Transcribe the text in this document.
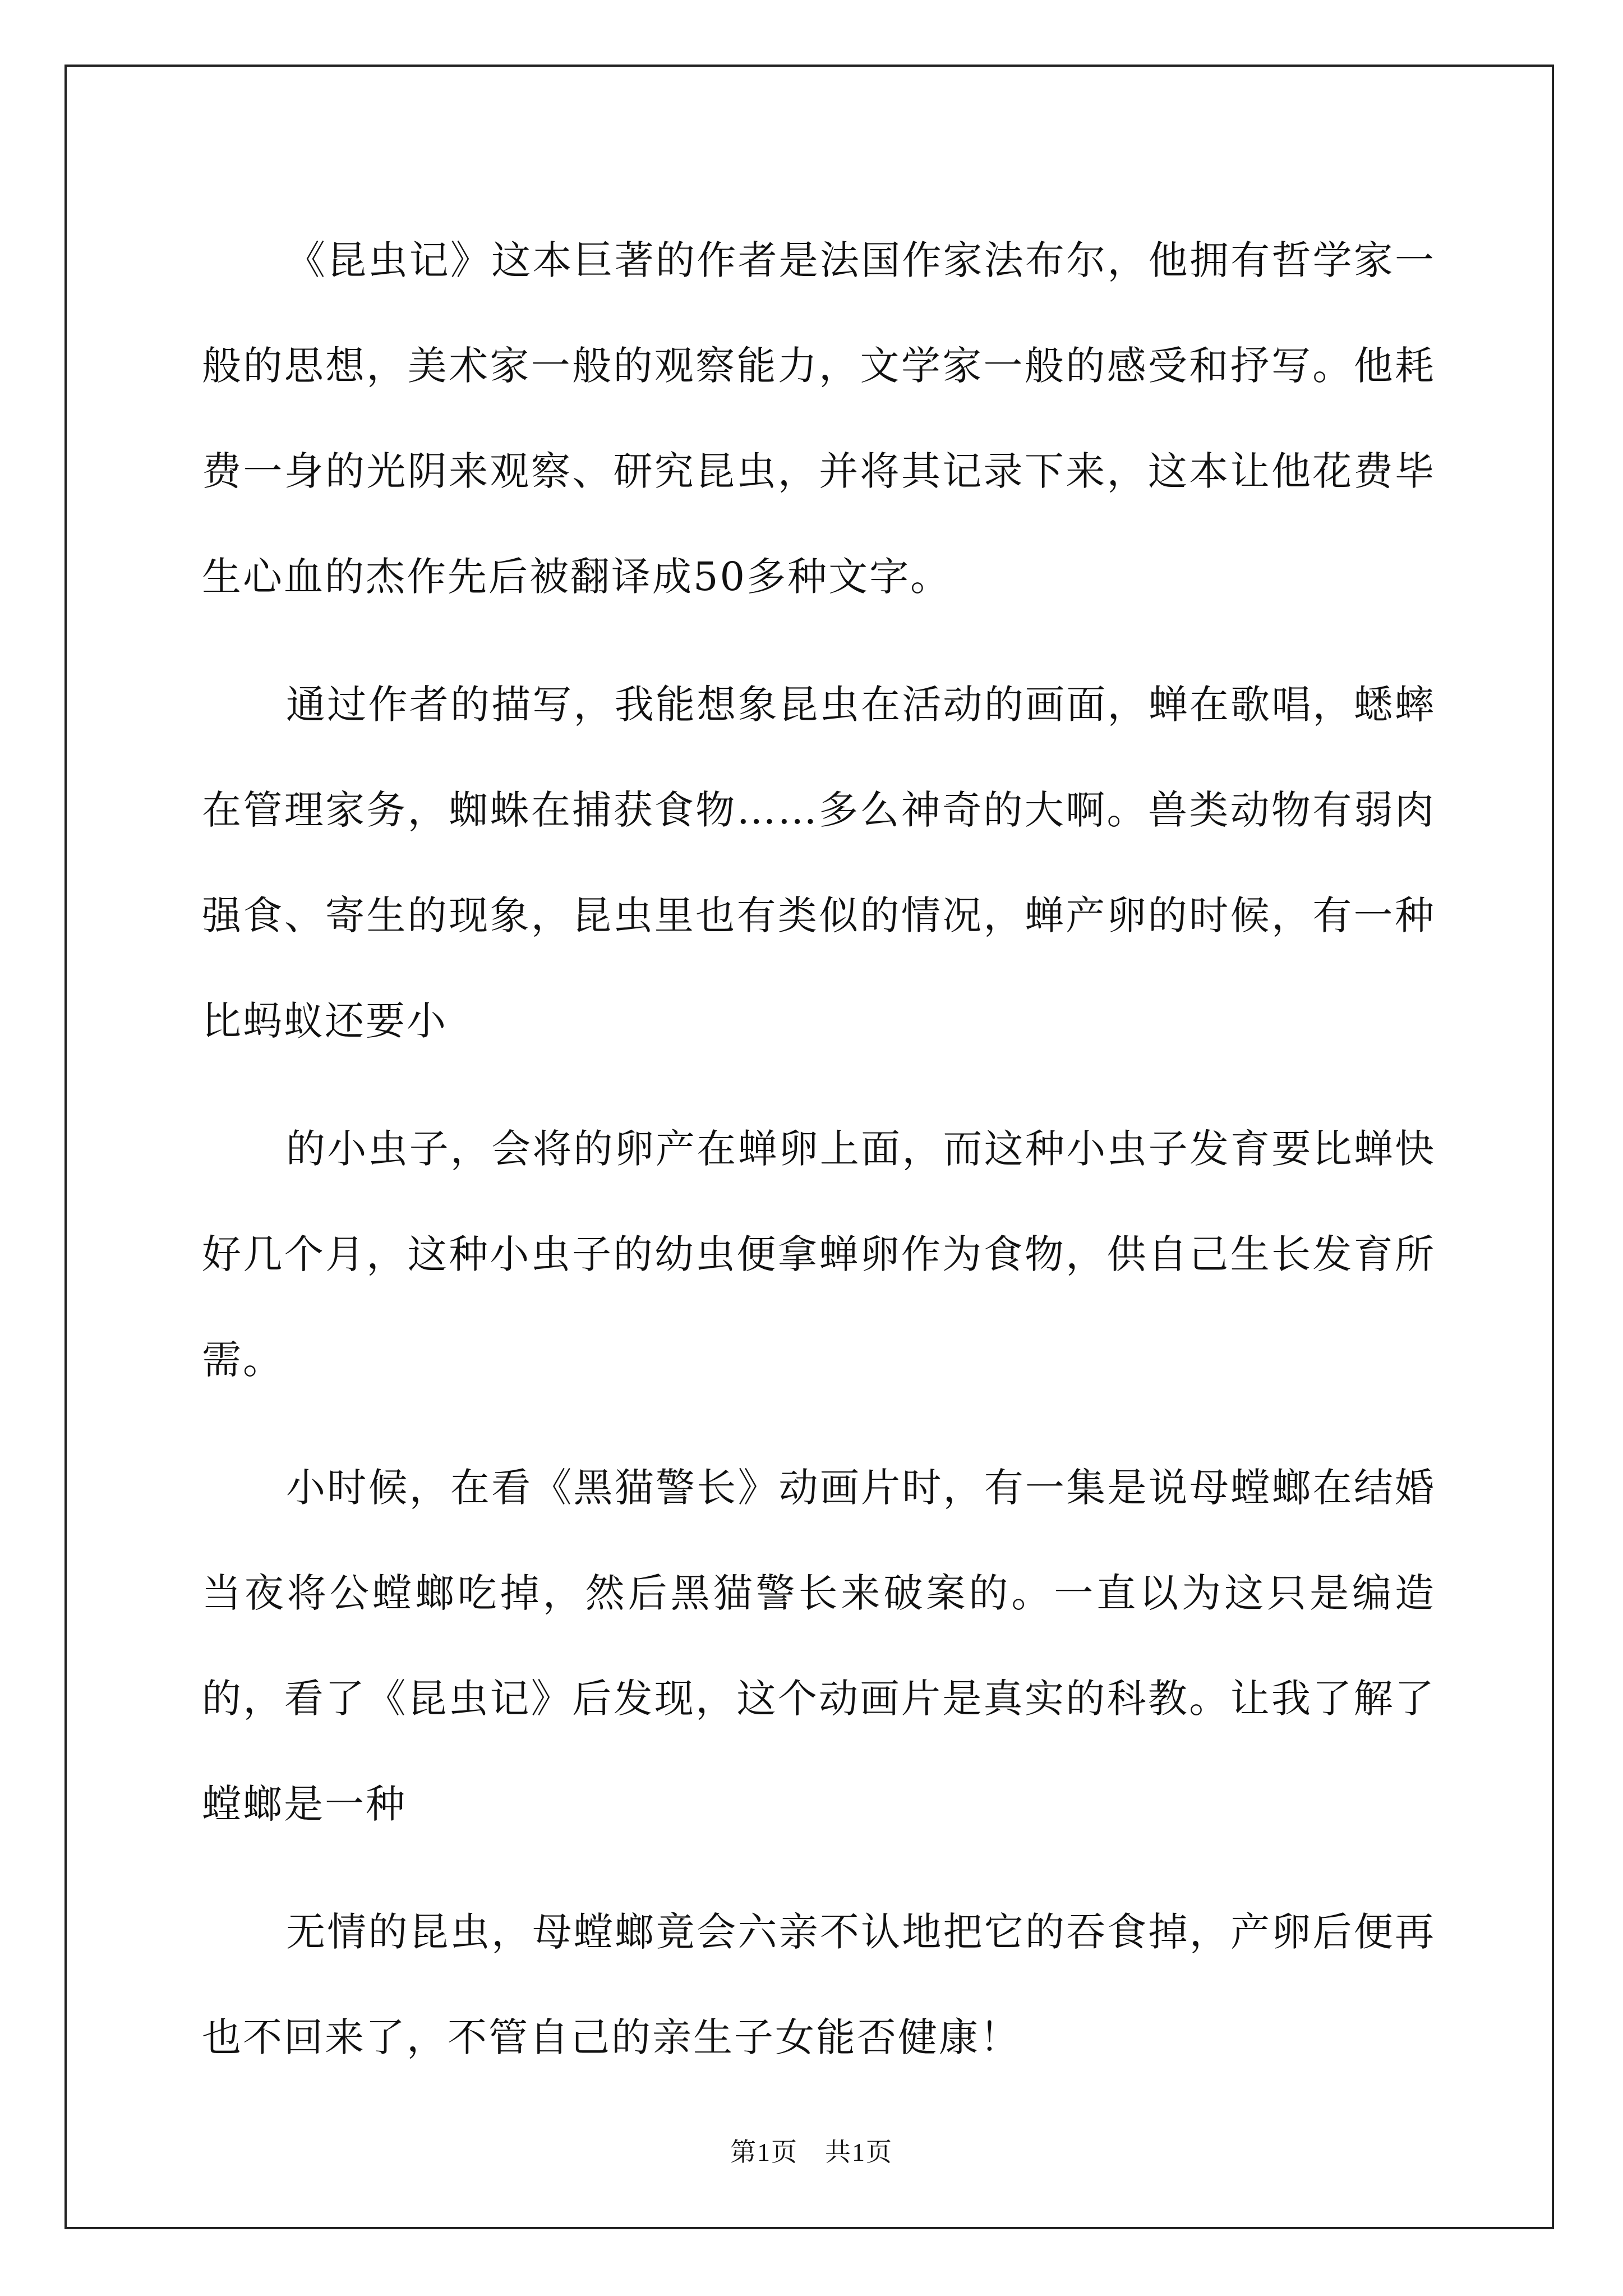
《昆虫记》这本巨著的作者是法国作家法布尔，他拥有哲学家一般的思想，美术家一般的观察能力，文学家一般的感受和抒写。他耗费一身的光阴来观察、研究昆虫，并将其记录下来，这本让他花费毕生心血的杰作先后被翻译成50多种文字。

通过作者的描写，我能想象昆虫在活动的画面，蝉在歌唱，蟋蟀在管理家务，蜘蛛在捕获食物……多么神奇的大啊。兽类动物有弱肉强食、寄生的现象，昆虫里也有类似的情况，蝉产卵的时候，有一种比蚂蚁还要小

的小虫子，会将的卵产在蝉卵上面，而这种小虫子发育要比蝉快好几个月，这种小虫子的幼虫便拿蝉卵作为食物，供自己生长发育所需。

小时候，在看《黑猫警长》动画片时，有一集是说母螳螂在结婚当夜将公螳螂吃掉，然后黑猫警长来破案的。一直以为这只是编造的，看了《昆虫记》后发现，这个动画片是真实的科教。让我了解了螳螂是一种

无情的昆虫，母螳螂竟会六亲不认地把它的吞食掉，产卵后便再也不回来了，不管自己的亲生子女能否健康！

第1页　共1页
